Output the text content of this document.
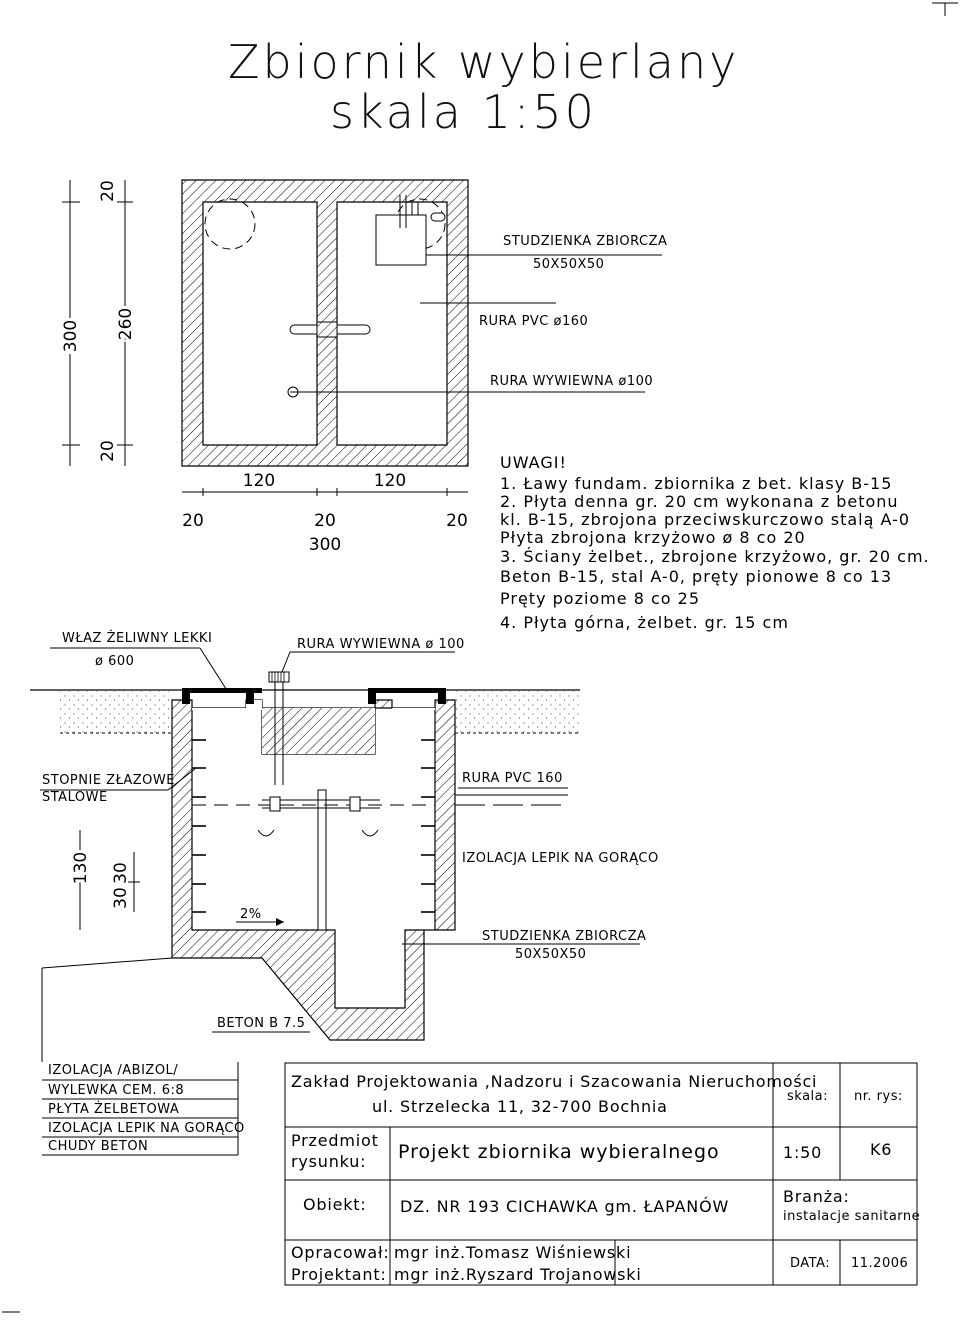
Zbiornik wybierlany
skala 1:50
STUDZIENKA ZBIORCZA
50X50X50
RURA PVC ø160
RURA WYWIEWNA ø100
300 260
20
20
120	120
20	20	20
300
UWAGI!
1. Ławy fundam. zbiornika z bet. klasy B-15
2. Płyta denna gr. 20 cm wykonana z betonu
kl. B-15, zbrojona przeciwskurczowo stalą A-0
Płyta zbrojona krzyżowo ø 8 co 20
3. Ściany żelbet., zbrojone krzyżowo, gr. 20 cm.
Beton B-15, stal A-0, pręty pionowe 8 co 13
Pręty poziome 8 co 25
4. Płyta górna, żelbet. gr. 15 cm
WŁAZ ŻELIWNY LEKKI
ø 600
RURA WYWIEWNA ø 100
2%
STOPNIE ZŁAZOWE
STALOWE
RURA PVC 160
IZOLACJA LEPIK NA GORĄCO
STUDZIENKA ZBIORCZA
50X50X50
130 30
30
BETON B 7.5
IZOLACJA /ABIZOL/
WYLEWKA CEM. 6:8
PŁYTA ŻELBETOWA
IZOLACJA LEPIK NA GORĄCO
CHUDY BETON
Zakład Projektowania ,Nadzoru i Szacowania Nieruchomości
ul. Strzelecka 11, 32-700 Bochnia
skala: nr. rys:
Przedmiot
rysunku: Projekt zbiornika wybieralnego	1:50	K6
Obiekt: DZ. NR 193 CICHAWKA gm. ŁAPANÓW
Branża:
instalacje sanitarne
Opracował: mgr inż.Tomasz Wiśniewski
Projektant: mgr inż.Ryszard Trojanowski
DATA: 11.2006
